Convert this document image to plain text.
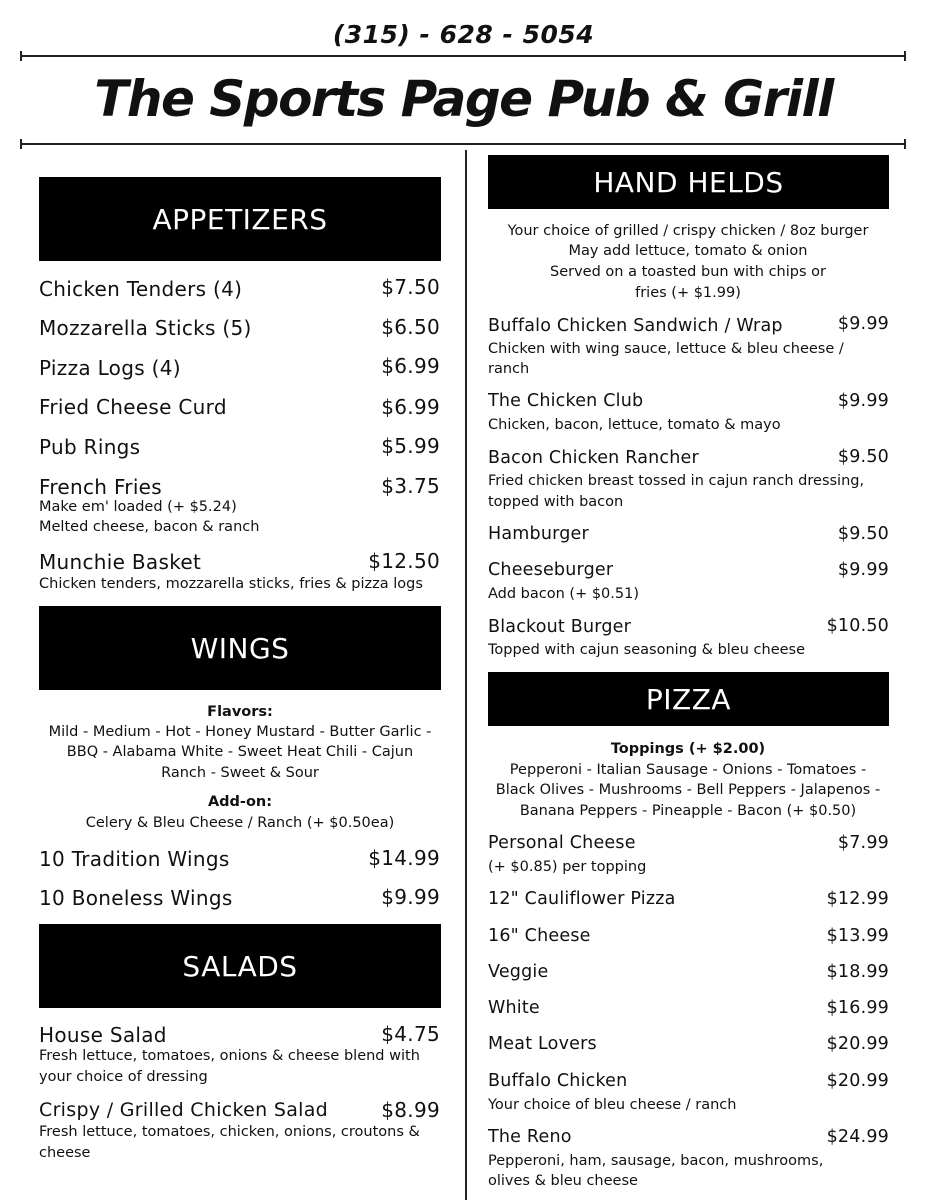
(315) - 628 - 5054
The Sports Page Pub & Grill
APPETIZERS
Chicken Tenders (4)	$7.50
Mozzarella Sticks (5)	$6.50
Pizza Logs (4)	$6.99
Fried Cheese Curd	$6.99
Pub Rings	$5.99
French Fries	$3.75
Make em' loaded (+ $5.24)
Melted cheese, bacon & ranch
Munchie Basket	$12.50
Chicken tenders, mozzarella sticks, fries & pizza logs
WINGS
Flavors:
Mild - Medium - Hot - Honey Mustard - Butter Garlic -
BBQ - Alabama White - Sweet Heat Chili - Cajun
Ranch - Sweet & Sour
Add-on:
Celery & Bleu Cheese / Ranch (+ $0.50ea)
10 Tradition Wings	$14.99
10 Boneless Wings	$9.99
SALADS
House Salad	$4.75
Fresh lettuce, tomatoes, onions & cheese blend with
your choice of dressing
Crispy / Grilled Chicken Salad	$8.99
Fresh lettuce, tomatoes, chicken, onions, croutons &
cheese
HAND HELDS
Your choice of grilled / crispy chicken / 8oz burger
May add lettuce, tomato & onion
Served on a toasted bun with chips or
fries (+ $1.99)
Buffalo Chicken Sandwich / Wrap	$9.99
Chicken with wing sauce, lettuce & bleu cheese /
ranch
The Chicken Club	$9.99
Chicken, bacon, lettuce, tomato & mayo
Bacon Chicken Rancher	$9.50
Fried chicken breast tossed in cajun ranch dressing,
topped with bacon
Hamburger	$9.50
Cheeseburger	$9.99
Add bacon (+ $0.51)
Blackout Burger	$10.50
Topped with cajun seasoning & bleu cheese
PIZZA
Toppings (+ $2.00)
Pepperoni - Italian Sausage - Onions - Tomatoes -
Black Olives - Mushrooms - Bell Peppers - Jalapenos -
Banana Peppers - Pineapple - Bacon (+ $0.50)
Personal Cheese	$7.99
(+ $0.85) per topping
12" Cauliflower Pizza	$12.99
16" Cheese	$13.99
Veggie	$18.99
White	$16.99
Meat Lovers	$20.99
Buffalo Chicken	$20.99
Your choice of bleu cheese / ranch
The Reno	$24.99
Pepperoni, ham, sausage, bacon, mushrooms,
olives & bleu cheese
